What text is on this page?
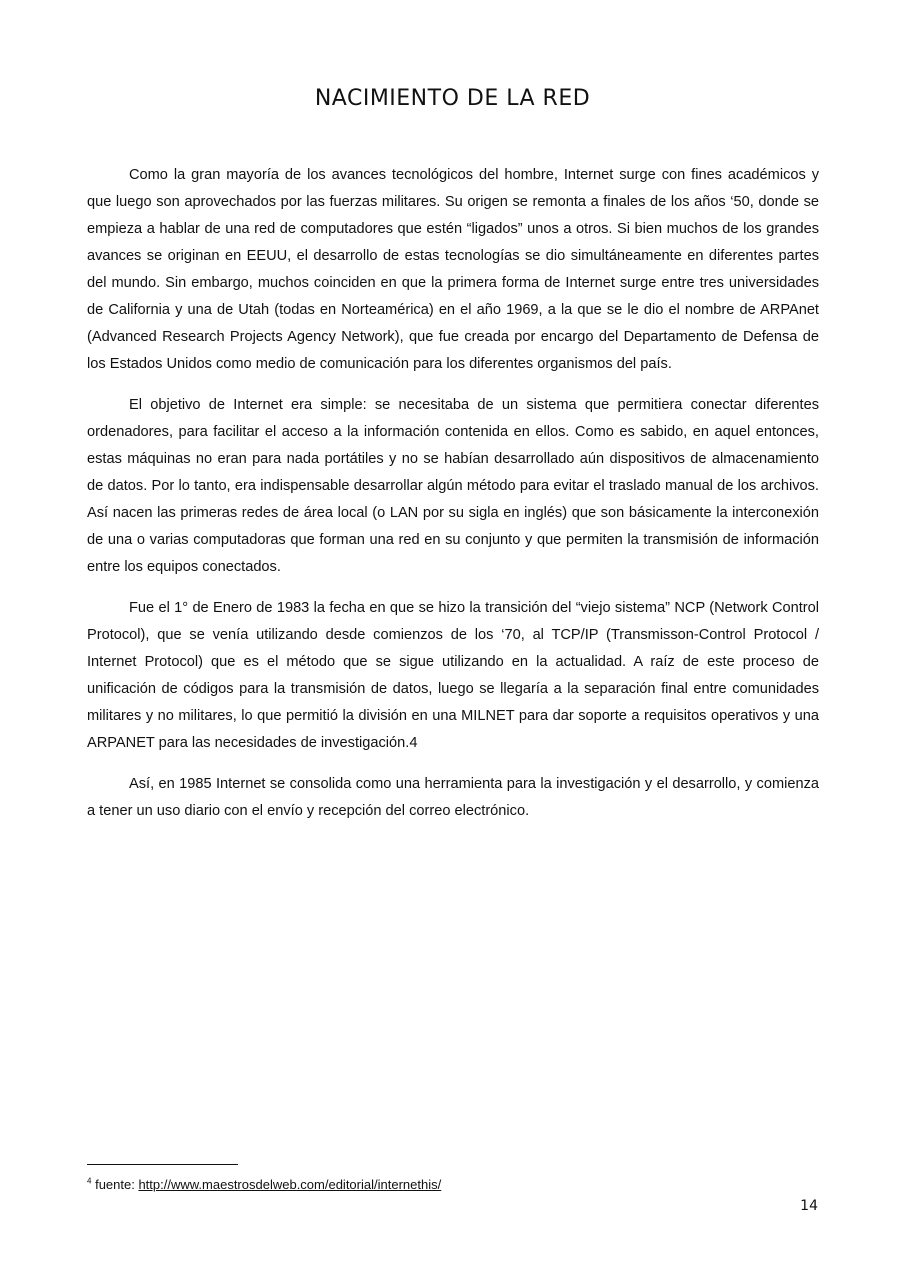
NACIMIENTO DE LA RED

Como la gran mayoría de los avances tecnológicos del hombre, Internet surge con fines académicos y que luego son aprovechados por las fuerzas militares. Su origen se remonta a finales de los años ‘50, donde se empieza a hablar de una red de computadores que estén “ligados” unos a otros. Si bien muchos de los grandes avances se originan en EEUU, el desarrollo de estas tecnologías se dio simultáneamente en diferentes partes del mundo. Sin embargo, muchos coinciden en que la primera forma de Internet surge entre tres universidades de California y una de Utah (todas en Norteamérica) en el año 1969, a la que se le dio el nombre de ARPAnet (Advanced Research Projects Agency Network), que fue creada por encargo del Departamento de Defensa de los Estados Unidos como medio de comunicación para los diferentes organismos del país.

El objetivo de Internet era simple: se necesitaba de un sistema que permitiera conectar diferentes ordenadores, para facilitar el acceso a la información contenida en ellos. Como es sabido, en aquel entonces, estas máquinas no eran para nada portátiles y no se habían desarrollado aún dispositivos de almacenamiento de datos. Por lo tanto, era indispensable desarrollar algún método para evitar el traslado manual de los archivos. Así nacen las primeras redes de área local (o LAN por su sigla en inglés) que son básicamente la interconexión de una o varias computadoras que forman una red en su conjunto y que permiten la transmisión de información entre los equipos conectados.

Fue el 1° de Enero de 1983 la fecha en que se hizo la transición del “viejo sistema” NCP (Network Control Protocol), que se venía utilizando desde comienzos de los ‘70, al TCP/IP (Transmisson-Control Protocol / Internet Protocol) que es el método que se sigue utilizando en la actualidad. A raíz de este proceso de unificación de códigos para la transmisión de datos, luego se llegaría a la separación final entre comunidades militares y no militares, lo que permitió la división en una MILNET para dar soporte a requisitos operativos y una ARPANET para las necesidades de investigación.4

Así, en 1985 Internet se consolida como una herramienta para la investigación y el desarrollo, y comienza a tener un uso diario con el envío y recepción del correo electrónico.

$^4$ fuente: http://www.maestrosdelweb.com/editorial/internethis/
14
